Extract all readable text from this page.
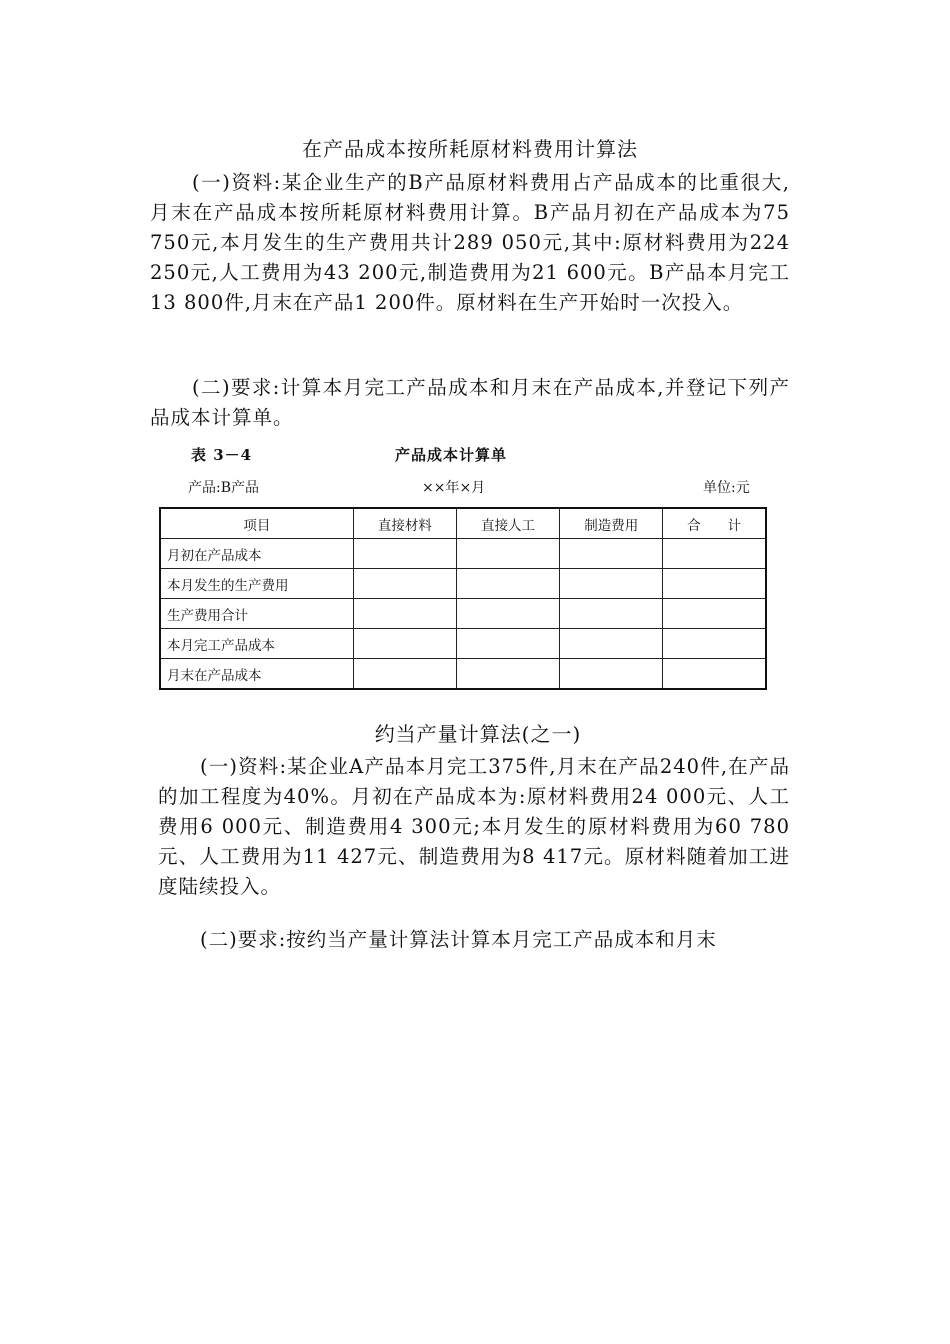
在产品成本按所耗原材料费用计算法

(一)资料:某企业生产的B产品原材料费用占产品成本的比重很大,月末在产品成本按所耗原材料费用计算。B产品月初在产品成本为75 750元,本月发生的生产费用共计289 050元,其中:原材料费用为224 250元,人工费用为43 200元,制造费用为21 600元。B产品本月完工13 800件,月末在产品1 200件。原材料在生产开始时一次投入。

(二)要求:计算本月完工产品成本和月末在产品成本,并登记下列产品成本计算单。

表 3－4	产品成本计算单
产品:B产品	××年×月	单位:元
项目	直接材料	直接人工	制造费用	合　　计
月初在产品成本				
本月发生的生产费用				
生产费用合计				
本月完工产品成本				
月末在产品成本				
约当产量计算法(之一)

(一)资料:某企业A产品本月完工375件,月末在产品240件,在产品的加工程度为40%。月初在产品成本为:原材料费用24 000元、人工费用6 000元、制造费用4 300元;本月发生的原材料费用为60 780元、人工费用为11 427元、制造费用为8 417元。原材料随着加工进度陆续投入。

(二)要求:按约当产量计算法计算本月完工产品成本和月末
